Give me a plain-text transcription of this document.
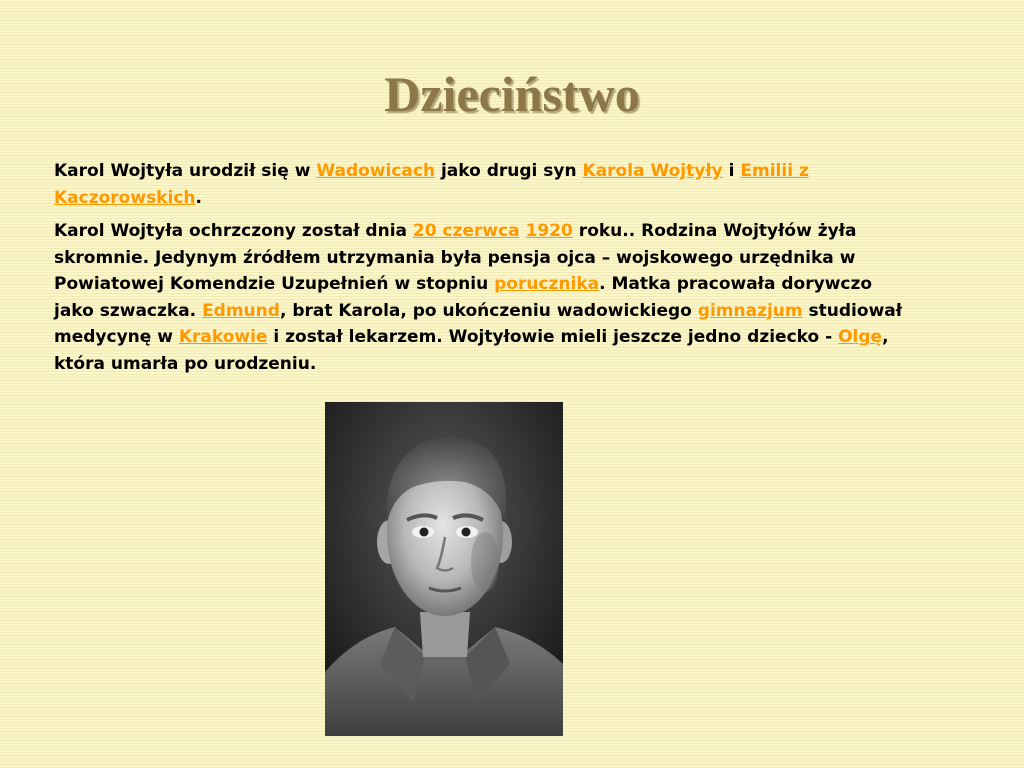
Dzieciństwo

Karol Wojtyła urodził się w Wadowicach jako drugi syn Karola Wojtyły i Emilii z Kaczorowskich.

Karol Wojtyła ochrzczony został dnia 20 czerwca 1920 roku.. Rodzina Wojtyłów żyła skromnie. Jedynym źródłem utrzymania była pensja ojca – wojskowego urzędnika w Powiatowej Komendzie Uzupełnień w stopniu porucznika. Matka pracowała dorywczo jako szwaczka. Edmund, brat Karola, po ukończeniu wadowickiego gimnazjum studiował medycynę w Krakowie i został lekarzem. Wojtyłowie mieli jeszcze jedno dziecko - Olgę, która umarła po urodzeniu.
